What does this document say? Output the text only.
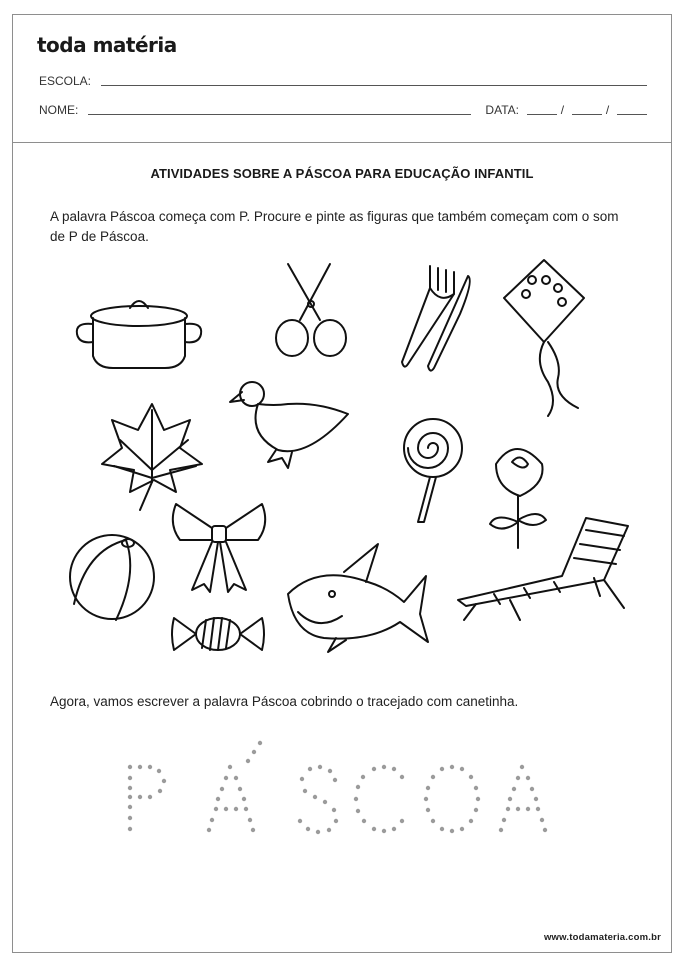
toda matéria
ESCOLA:
NOME:	DATA:	/	/
ATIVIDADES SOBRE A PÁSCOA PARA EDUCAÇÃO INFANTIL
A palavra Páscoa começa com P. Procure e pinte as figuras que também começam com o som de P de Páscoa.
Agora, vamos escrever a palavra Páscoa cobrindo o tracejado com canetinha.
www.todamateria.com.br
